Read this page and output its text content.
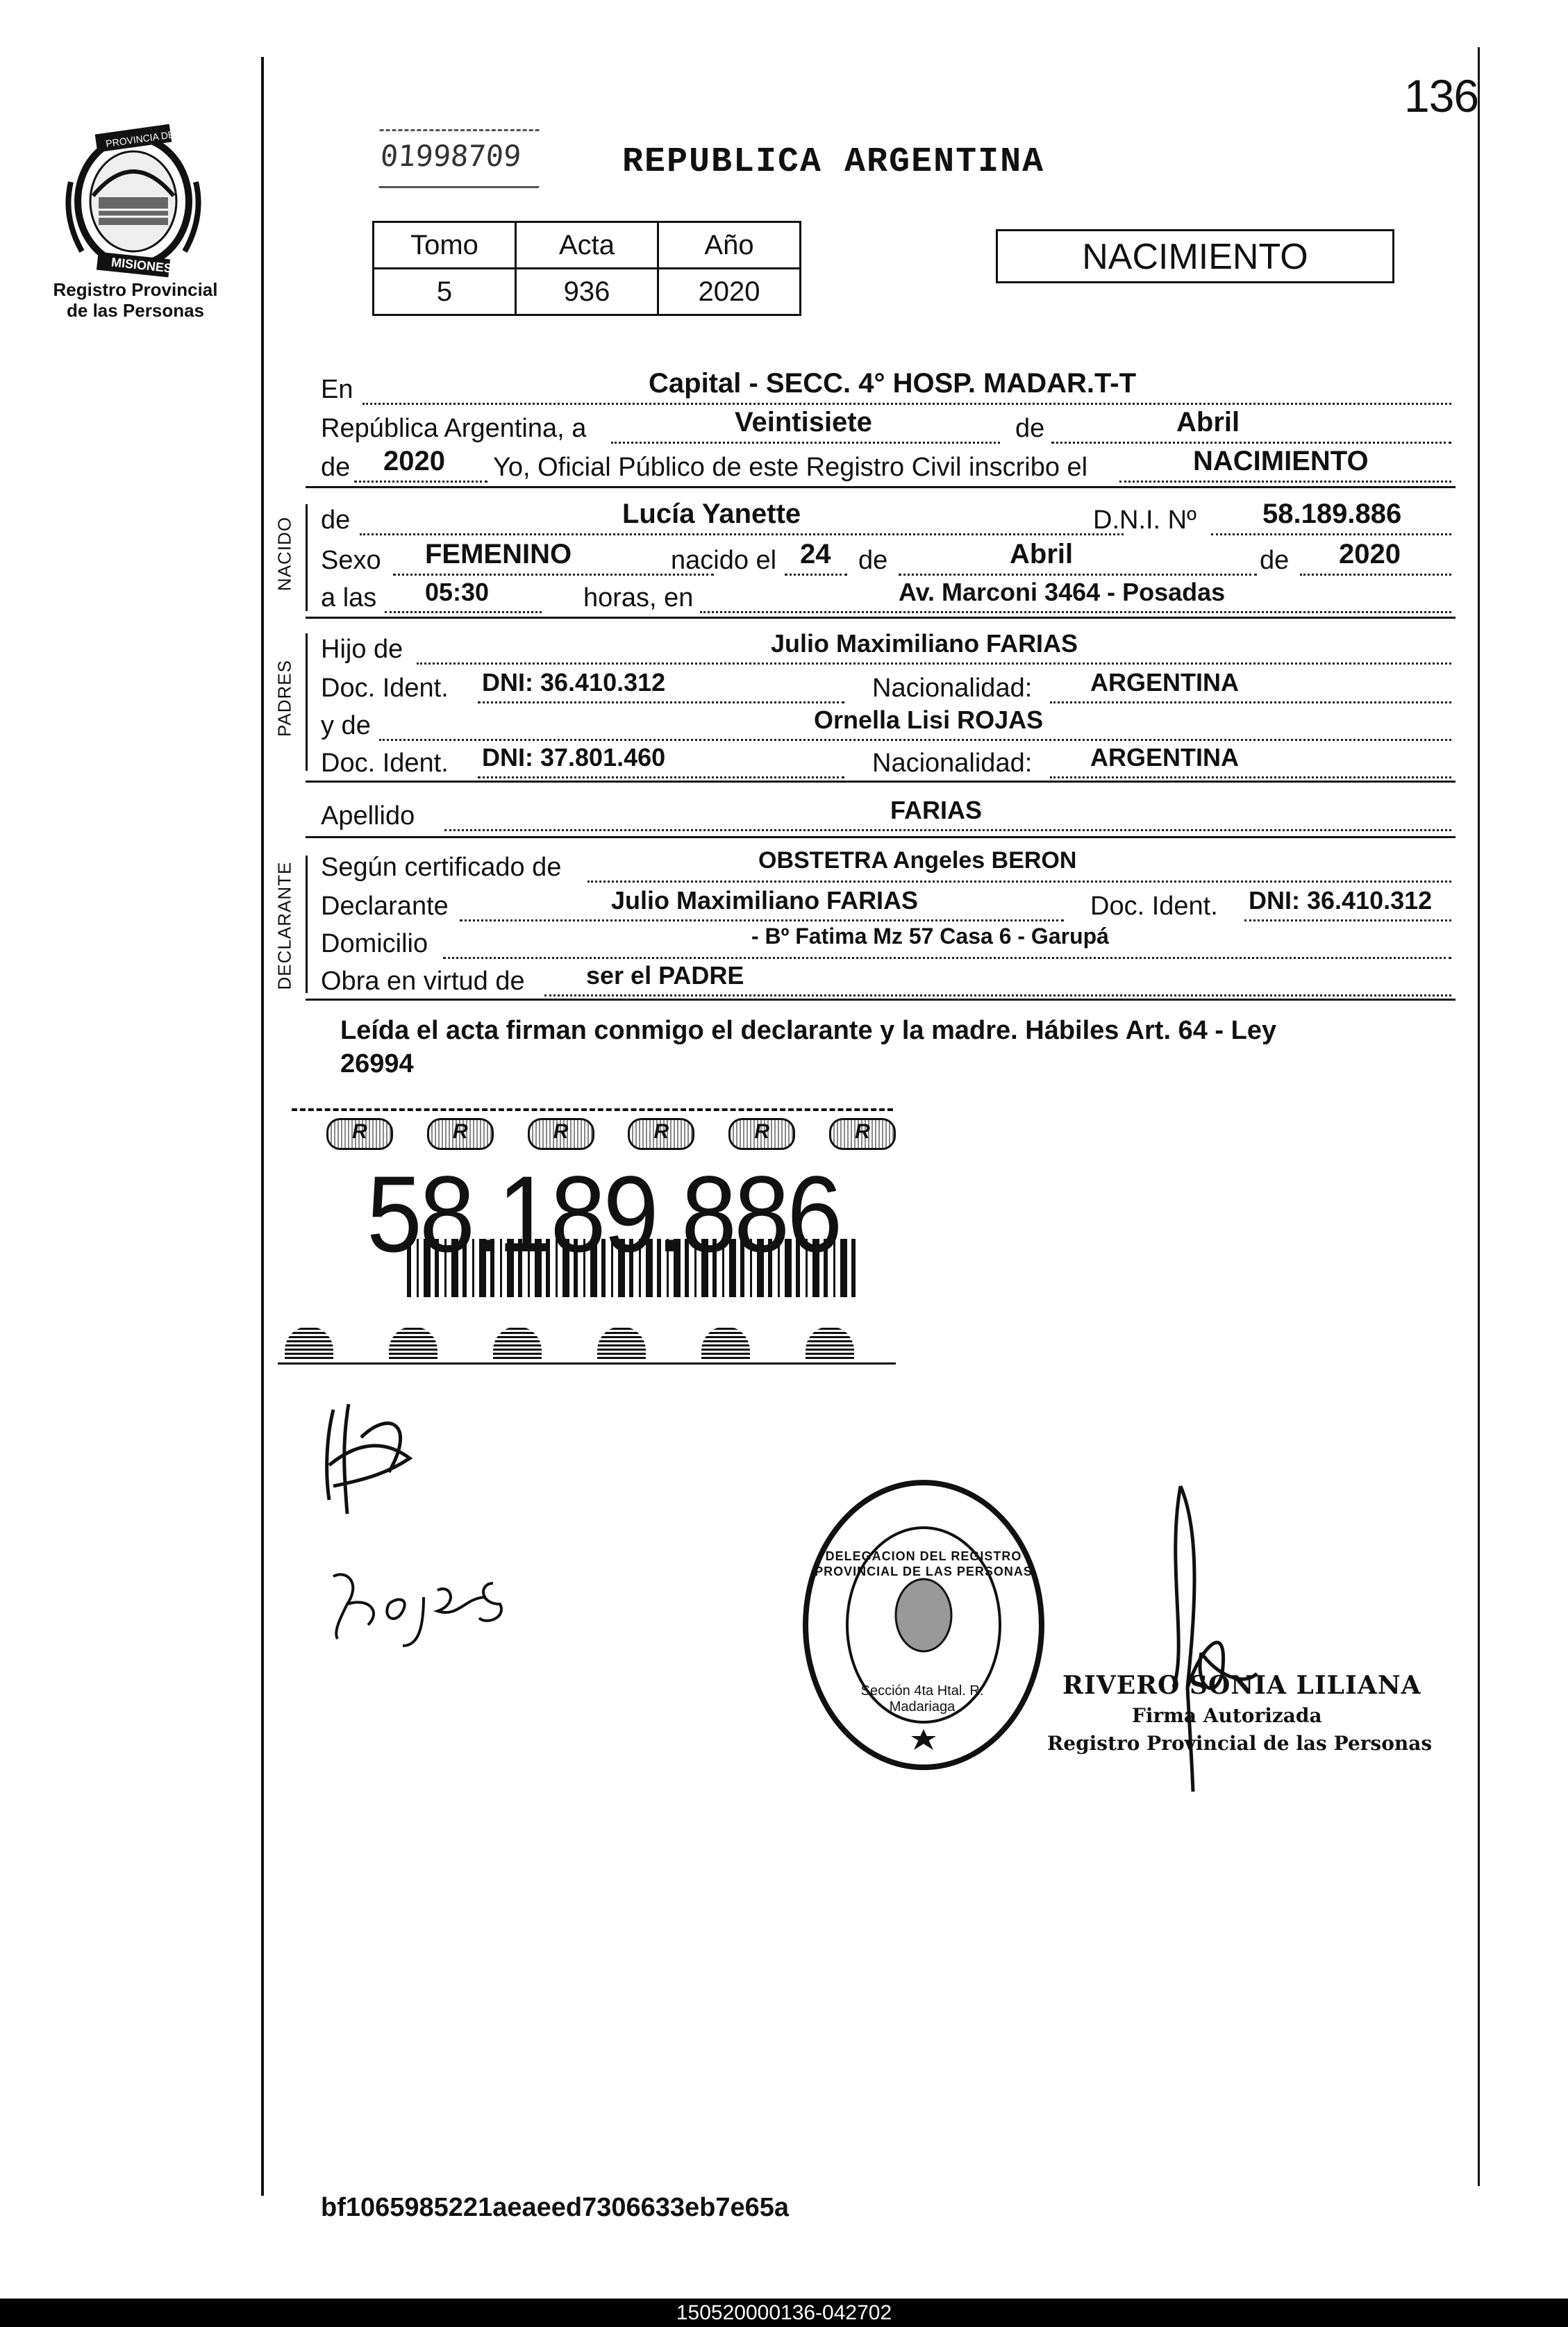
PROVINCIA DE
MISIONES
Registro Provincial
de las Personas
136
01998709	REPUBLICA ARGENTINA
Tomo	Acta	Año
5	936	2020
NACIMIENTO
En	Capital - SECC. 4° HOSP. MADAR.T-T
República Argentina, a	Veintisiete	de	Abril
de 2020 Yo, Oficial Público de este Registro Civil inscribo el	NACIMIENTO
NACIDO de	Lucía Yanette	D.N.I. Nº 58.189.886
Sexo FEMENINO	nacido el 24 de	Abril	de 2020
a las 05:30	horas, en	Av. Marconi 3464 - Posadas
PADRES
Hijo de	Julio Maximiliano FARIAS
Doc. Ident. DNI: 36.410.312	Nacionalidad: ARGENTINA
y de	Ornella Lisi ROJAS
Doc. Ident. DNI: 37.801.460	Nacionalidad: ARGENTINA
Apellido	FARIAS
DECLARANTE Según certificado de	OBSTETRA Angeles BERON
Declarante	Julio Maximiliano FARIAS	Doc. Ident. DNI: 36.410.312
Domicilio	- Bº Fatima Mz 57 Casa 6 - Garupá
Obra en virtud de ser el PADRE
Leída el acta firman conmigo el declarante y la madre. Hábiles Art. 64 - Ley
26994
R	R	R	R	R	R
58.189.886
DELEGACION DEL REGISTRO PROVINCIAL DE LAS PERSONAS
Sección 4ta Htal. R. Madariaga
RIVERO SONIA LILIANA
Firma Autorizada
Registro Provincial de las Personas
bf1065985221aeaeed7306633eb7e65a
150520000136-042702
